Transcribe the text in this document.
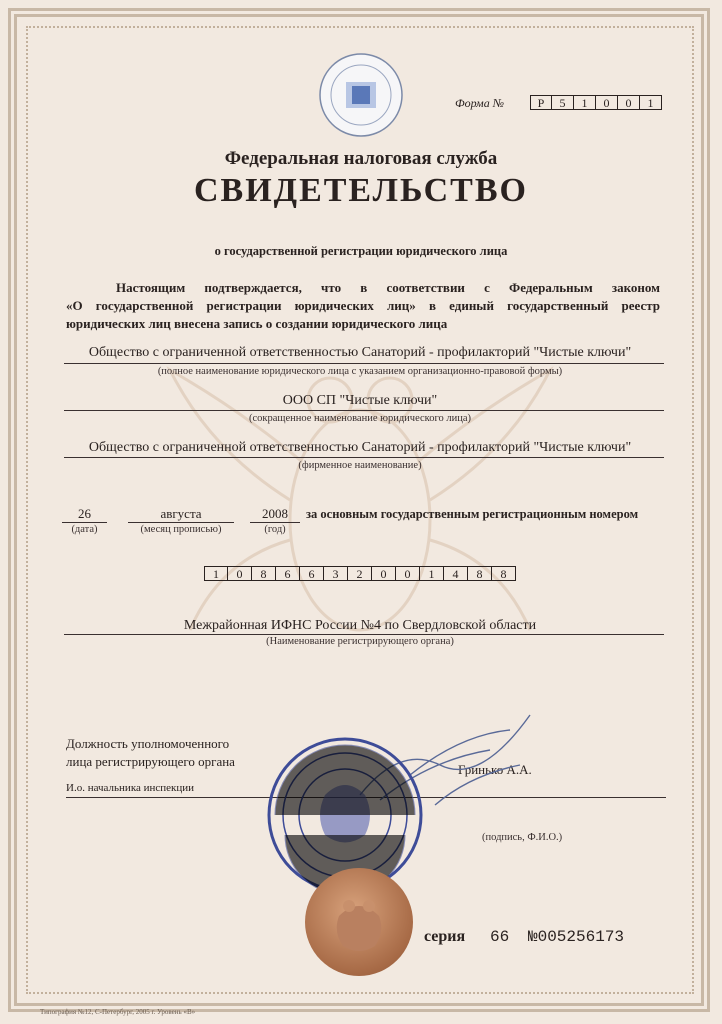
Форма №	Р	5	1	0	0	1
Федеральная налоговая служба
СВИДЕТЕЛЬСТВО
о государственной регистрации юридического лица
Настоящим подтверждается, что в соответствии с Федеральным законом
«О государственной регистрации юридических лиц» в единый государственный реестр
юридических лиц внесена запись о создании юридического лица
Общество с ограниченной ответственностью Санаторий - профилакторий "Чистые ключи"
(полное наименование юридического лица с указанием организационно-правовой формы)
ООО СП "Чистые ключи"
(сокращенное наименование юридического лица)
Общество с ограниченной ответственностью Санаторий - профилакторий "Чистые ключи"
(фирменное наименование)
26
(дата)
августа
(месяц прописью)
2008
(год)
за основным государственным регистрационным номером
1	0	8	6	6	3	2	0	0	1	4	8	8
Межрайонная ИФНС России №4 по Свердловской области
(Наименование регистрирующего органа)
Должность уполномоченного
лица регистрирующего органа
И.о. начальника инспекции
Гринько А.А.
(подпись, Ф.И.О.)
серия 66 №005256173
Типография №12, С-Петербург, 2005 г. Уровень «В»
